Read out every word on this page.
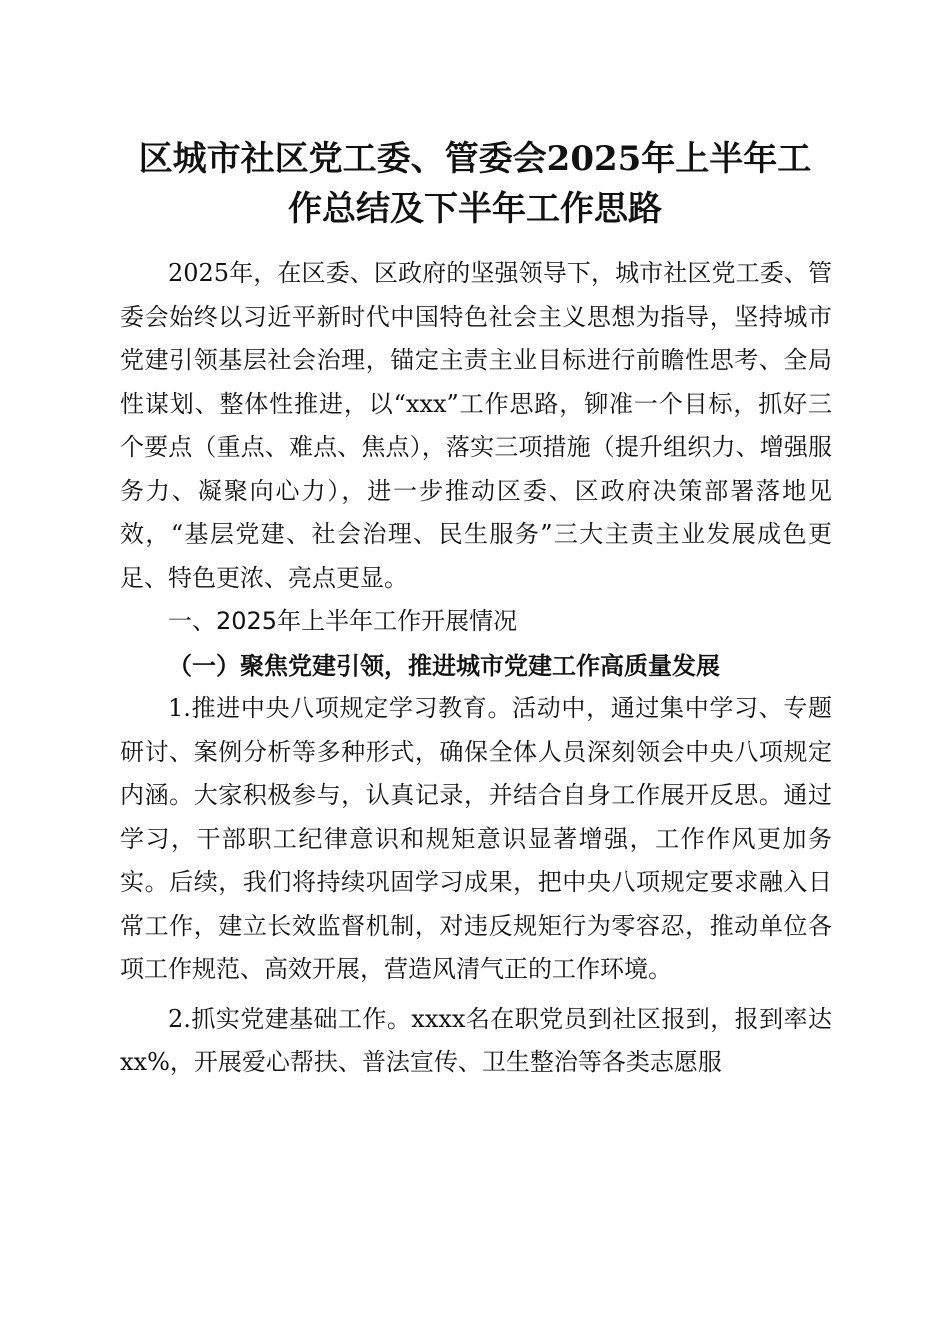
区城市社区党工委、管委会2025年上半年工
作总结及下半年工作思路

2025年，在区委、区政府的坚强领导下，城市社区党工委、管委会始终以习近平新时代中国特色社会主义思想为指导，坚持城市党建引领基层社会治理，锚定主责主业目标进行前瞻性思考、全局性谋划、整体性推进，以“xxx”工作思路，铆准一个目标，抓好三个要点（重点、难点、焦点），落实三项措施（提升组织力、增强服务力、凝聚向心力），进一步推动区委、区政府决策部署落地见效，“基层党建、社会治理、民生服务”三大主责主业发展成色更足、特色更浓、亮点更显。

一、2025年上半年工作开展情况

（一）聚焦党建引领，推进城市党建工作高质量发展

1.推进中央八项规定学习教育。活动中，通过集中学习、专题研讨、案例分析等多种形式，确保全体人员深刻领会中央八项规定内涵。大家积极参与，认真记录，并结合自身工作展开反思。通过学习，干部职工纪律意识和规矩意识显著增强，工作作风更加务实。后续，我们将持续巩固学习成果，把中央八项规定要求融入日常工作，建立长效监督机制，对违反规矩行为零容忍，推动单位各项工作规范、高效开展，营造风清气正的工作环境。

2.抓实党建基础工作。xxxx名在职党员到社区报到，报到率达xx%，开展爱心帮扶、普法宣传、卫生整治等各类志愿服
